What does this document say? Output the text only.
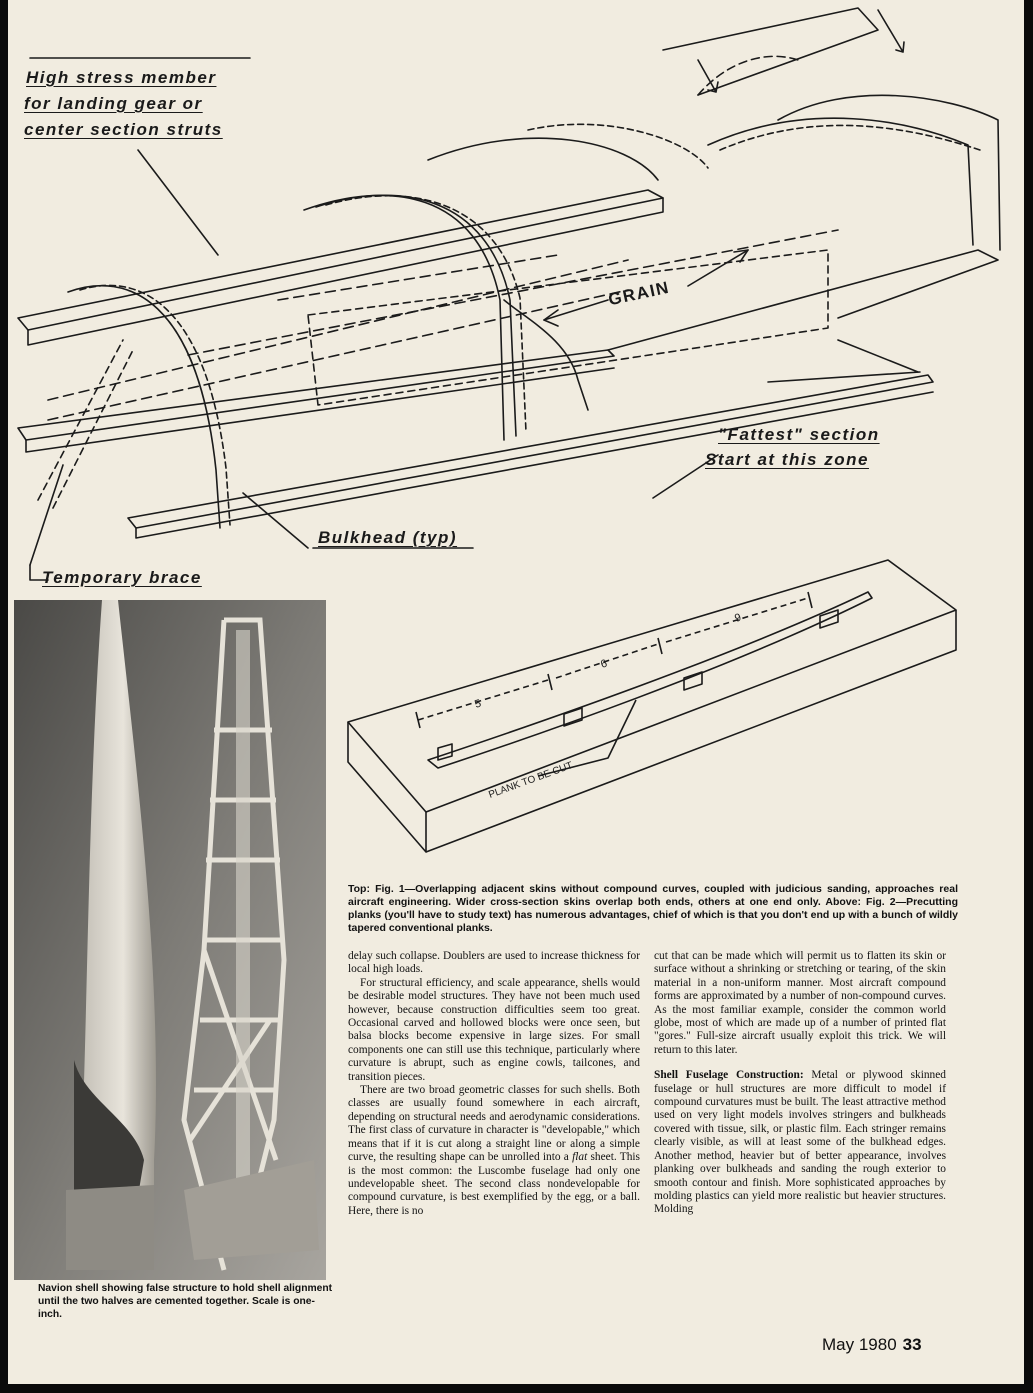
High stress member
for landing gear or
center section struts
GRAIN
"Fattest" section
Start at this zone
Bulkhead (typ)
Temporary brace
Navion shell showing false structure to hold shell alignment until the two halves are cemented together. Scale is one-inch.
5
6
9
PLANK TO BE CUT
Top: Fig. 1—Overlapping adjacent skins without compound curves, coupled with judicious sanding, approaches real aircraft engineering. Wider cross-section skins overlap both ends, others at one end only. Above: Fig. 2—Precutting planks (you'll have to study text) has numerous advantages, chief of which is that you don't end up with a bunch of wildly tapered conventional planks.

delay such collapse. Doublers are used to increase thickness for local high loads.

For structural efficiency, and scale appearance, shells would be desirable model structures. They have not been much used however, because construction difficulties seem too great. Occasional carved and hollowed blocks were once seen, but balsa blocks become expensive in large sizes. For small components one can still use this technique, particularly where curvature is abrupt, such as engine cowls, tailcones, and transition pieces.

There are two broad geometric classes for such shells. Both classes are usually found somewhere in each aircraft, depending on structural needs and aerodynamic considerations. The first class of curvature in character is "developable," which means that if it is cut along a straight line or along a simple curve, the resulting shape can be unrolled into a flat sheet. This is the most common: the Luscombe fuselage had only one undevelopable sheet. The second class nondevelopable for compound curvature, is best exemplified by the egg, or a ball. Here, there is no

cut that can be made which will permit us to flatten its skin or surface without a shrinking or stretching or tearing, of the skin material in a non-uniform manner. Most aircraft compound forms are approximated by a number of non-compound curves. As the most familiar example, consider the common world globe, most of which are made up of a number of printed flat "gores." Full-size aircraft usually exploit this trick. We will return to this later.

Shell Fuselage Construction: Metal or plywood skinned fuselage or hull structures are more difficult to model if compound curvatures must be built. The least attractive method used on very light models involves stringers and bulkheads covered with tissue, silk, or plastic film. Each stringer remains clearly visible, as will at least some of the bulkhead edges. Another method, heavier but of better appearance, involves planking over bulkheads and sanding the rough exterior to smooth contour and finish. More sophisticated approaches by molding plastics can yield more realistic but heavier structures. Molding

May 1980 33
